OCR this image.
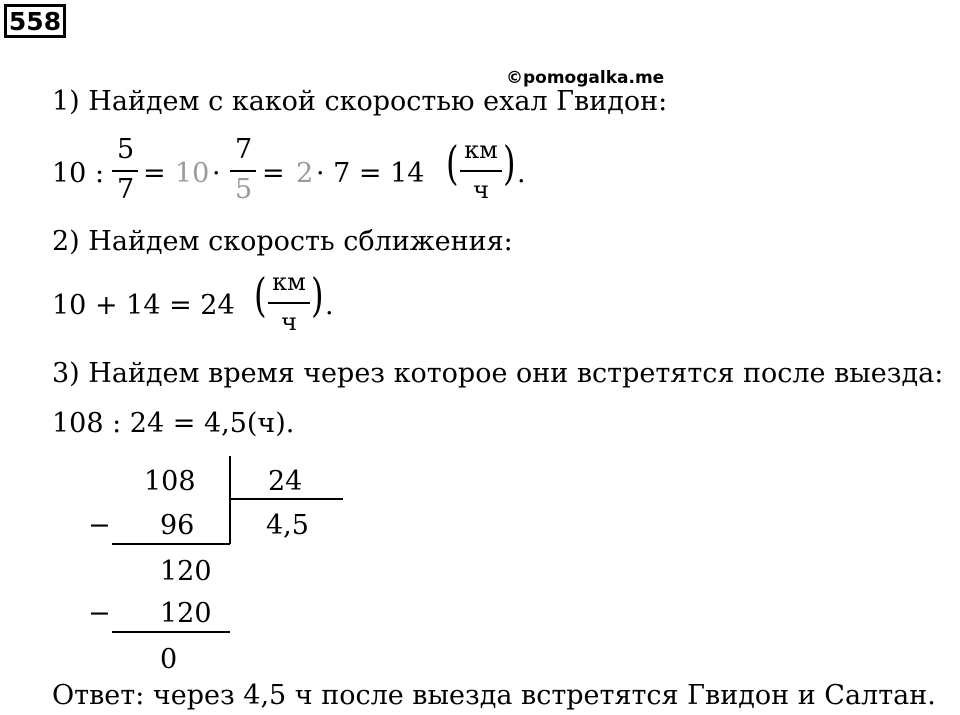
558
©pomogalka.me
1) Найдем с какой скоростью ехал Гвидон:
10 :
5
7
= 10 ·
7
5
= 2 · 7 = 14 ( км
ч ) .
2) Найдем скорость сближения:
10 + 14 = 24 ( км
ч ) .
3) Найдем время через которое они встретятся после выезда:
108 : 24 = 4,5(ч).
108	24
− 96	4,5
120
− 120
0
Ответ: через 4,5 ч после выезда встретятся Гвидон и Салтан.
